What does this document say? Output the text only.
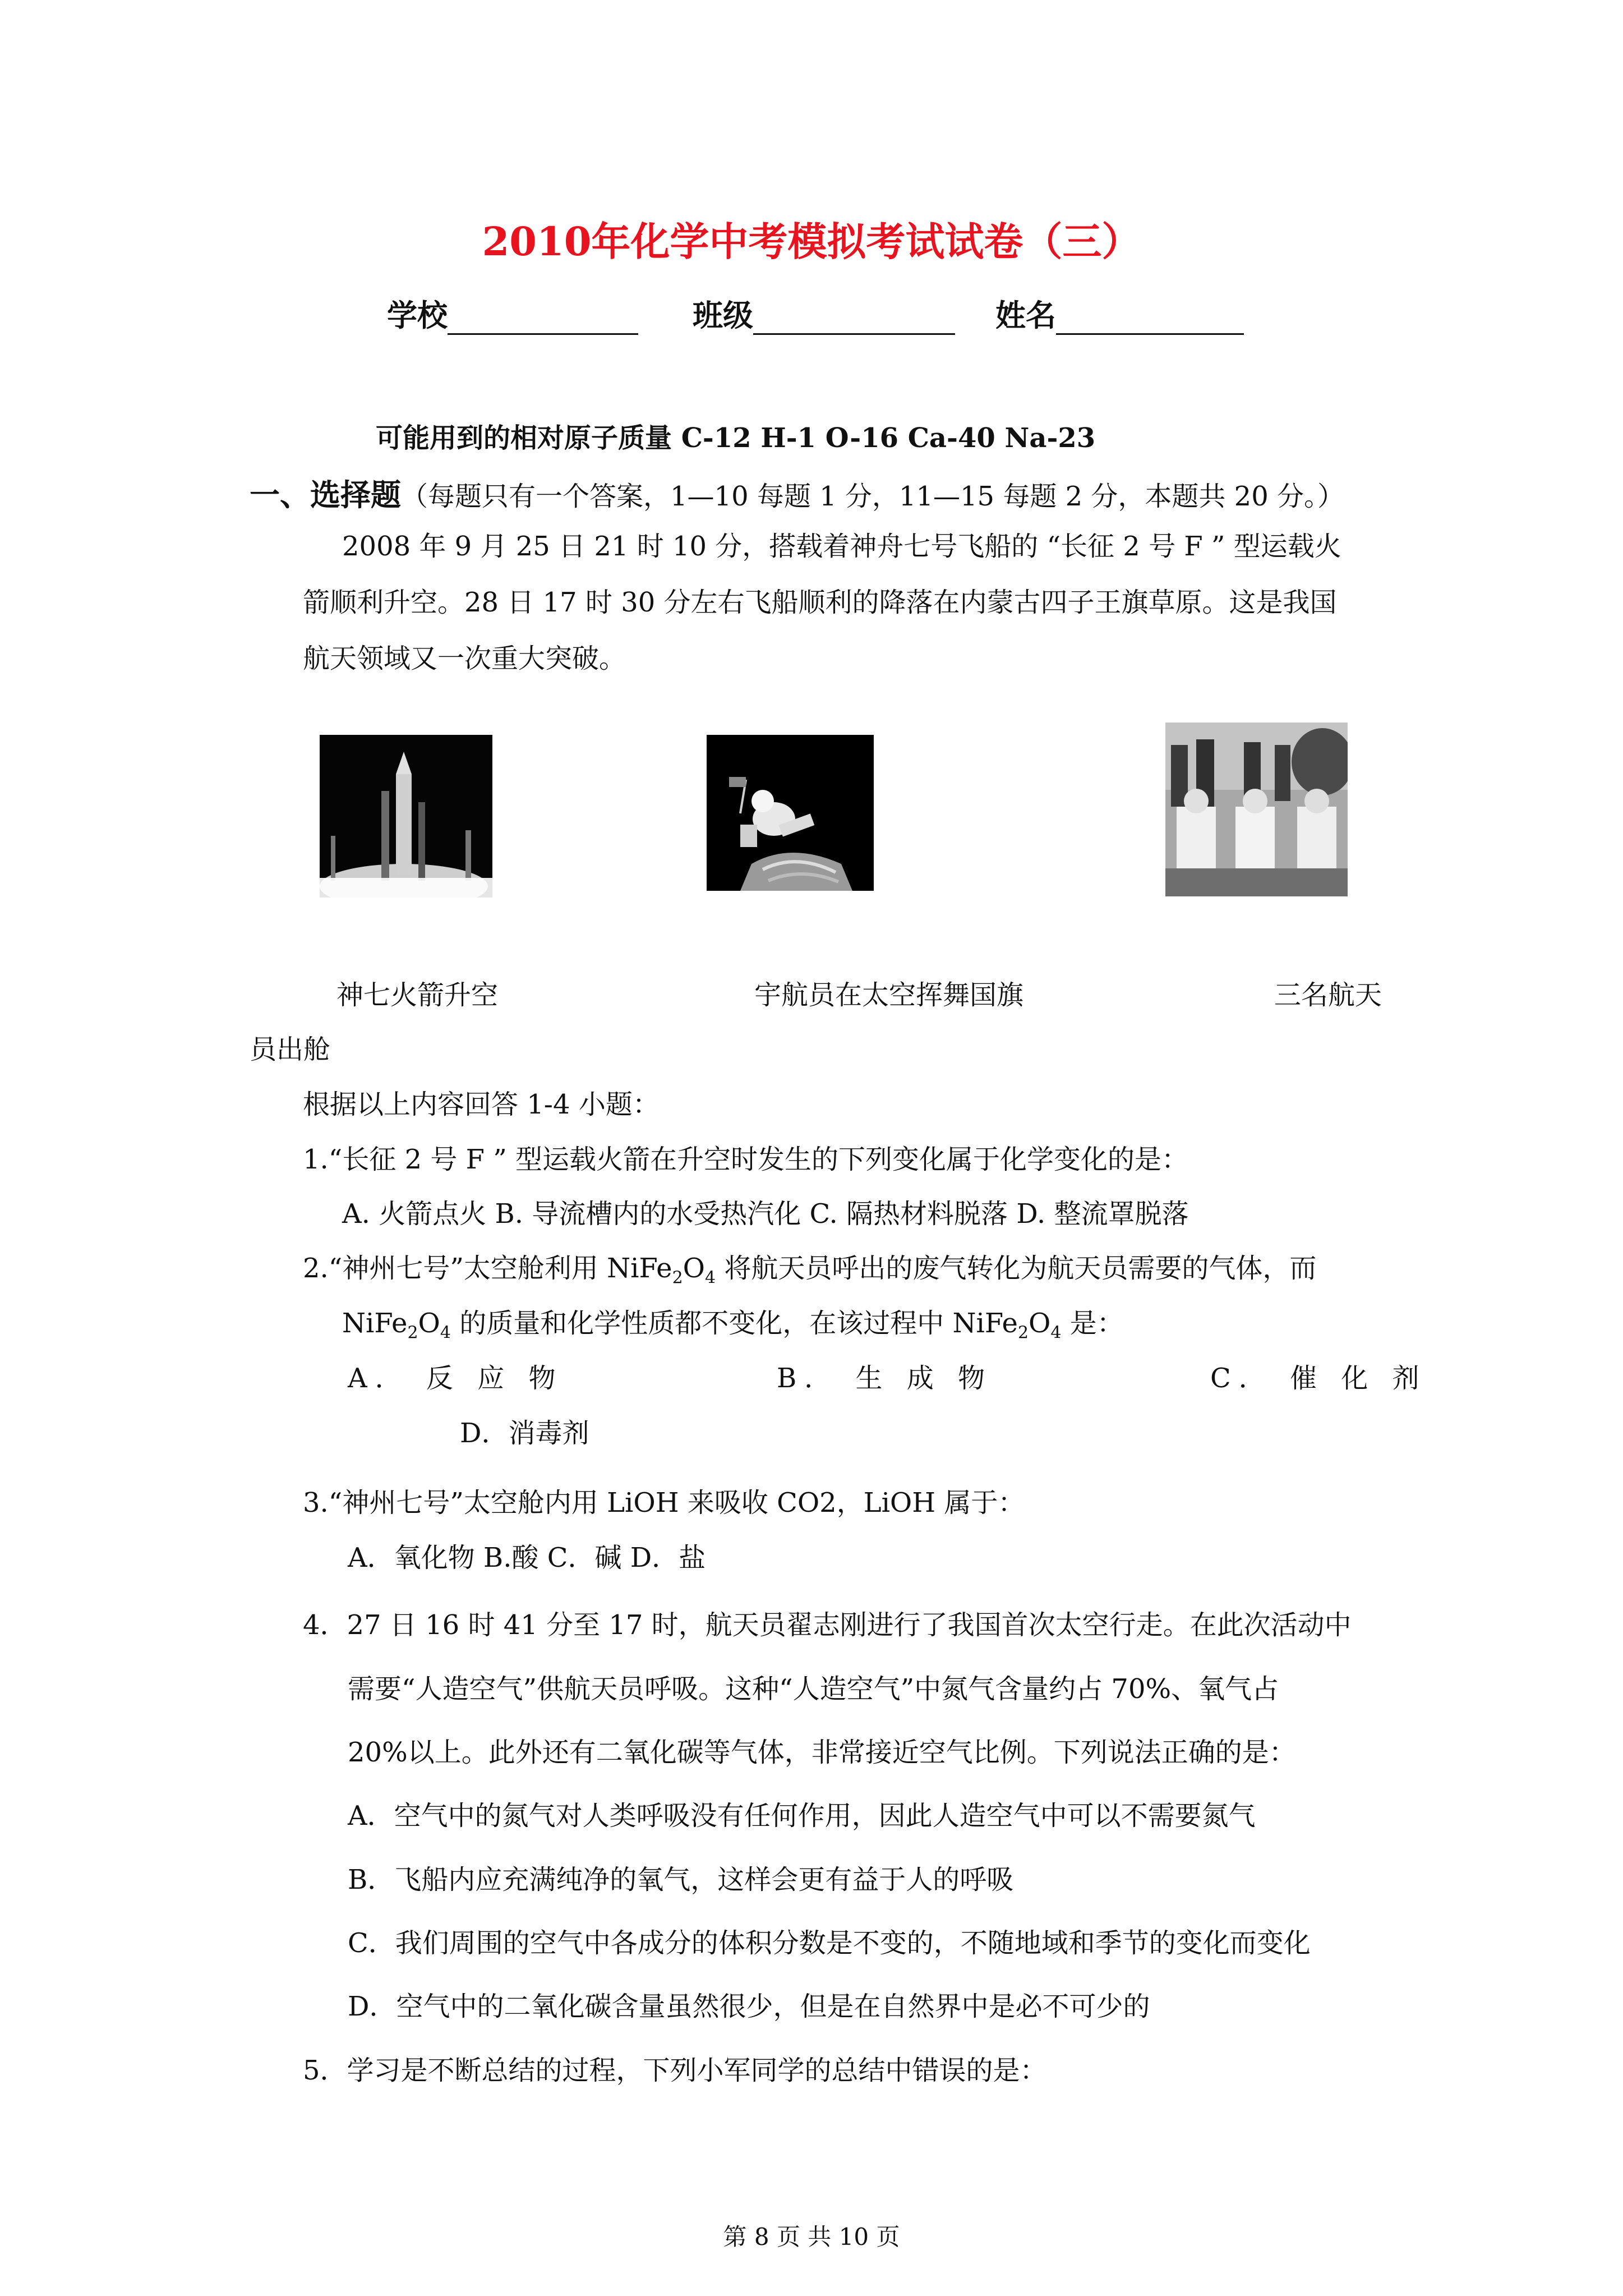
2010年化学中考模拟考试试卷（三）
学校	班级	姓名
可能用到的相对原子质量 C-12 H-1 O-16 Ca-40 Na-23
一、选择题（每题只有一个答案，1—10 每题 1 分，11—15 每题 2 分，本题共 20 分。）
2008 年 9 月 25 日 21 时 10 分，搭载着神舟七号飞船的 “长征 2 号 F ” 型运载火
箭顺利升空。28 日 17 时 30 分左右飞船顺利的降落在内蒙古四子王旗草原。这是我国
航天领域又一次重大突破。
神七火箭升空	宇航员在太空挥舞国旗	三名航天
员出舱
根据以上内容回答 1-4 小题：
1.“长征 2 号 F ” 型运载火箭在升空时发生的下列变化属于化学变化的是：
A. 火箭点火 B. 导流槽内的水受热汽化 C. 隔热材料脱落 D. 整流罩脱落
2.“神州七号”太空舱利用 $NiFe_2O_4$ 将航天员呼出的废气转化为航天员需要的气体，而
$NiFe_2O_4$ 的质量和化学性质都不变化，在该过程中 $NiFe_2O_4$ 是：
A． 反 应 物	B． 生 成 物	C． 催 化 剂
D．消毒剂
3.“神州七号”太空舱内用 LiOH 来吸收 CO2，LiOH 属于：
A．氧化物 B.酸 C．碱 D．盐
4．27 日 16 时 41 分至 17 时，航天员翟志刚进行了我国首次太空行走。在此次活动中
需要“人造空气”供航天员呼吸。这种“人造空气”中氮气含量约占 70%、氧气占
20%以上。此外还有二氧化碳等气体，非常接近空气比例。下列说法正确的是：
A．空气中的氮气对人类呼吸没有任何作用，因此人造空气中可以不需要氮气
B．飞船内应充满纯净的氧气，这样会更有益于人的呼吸
C．我们周围的空气中各成分的体积分数是不变的，不随地域和季节的变化而变化
D．空气中的二氧化碳含量虽然很少，但是在自然界中是必不可少的
5．学习是不断总结的过程，下列小军同学的总结中错误的是：
第 8 页 共 10 页
